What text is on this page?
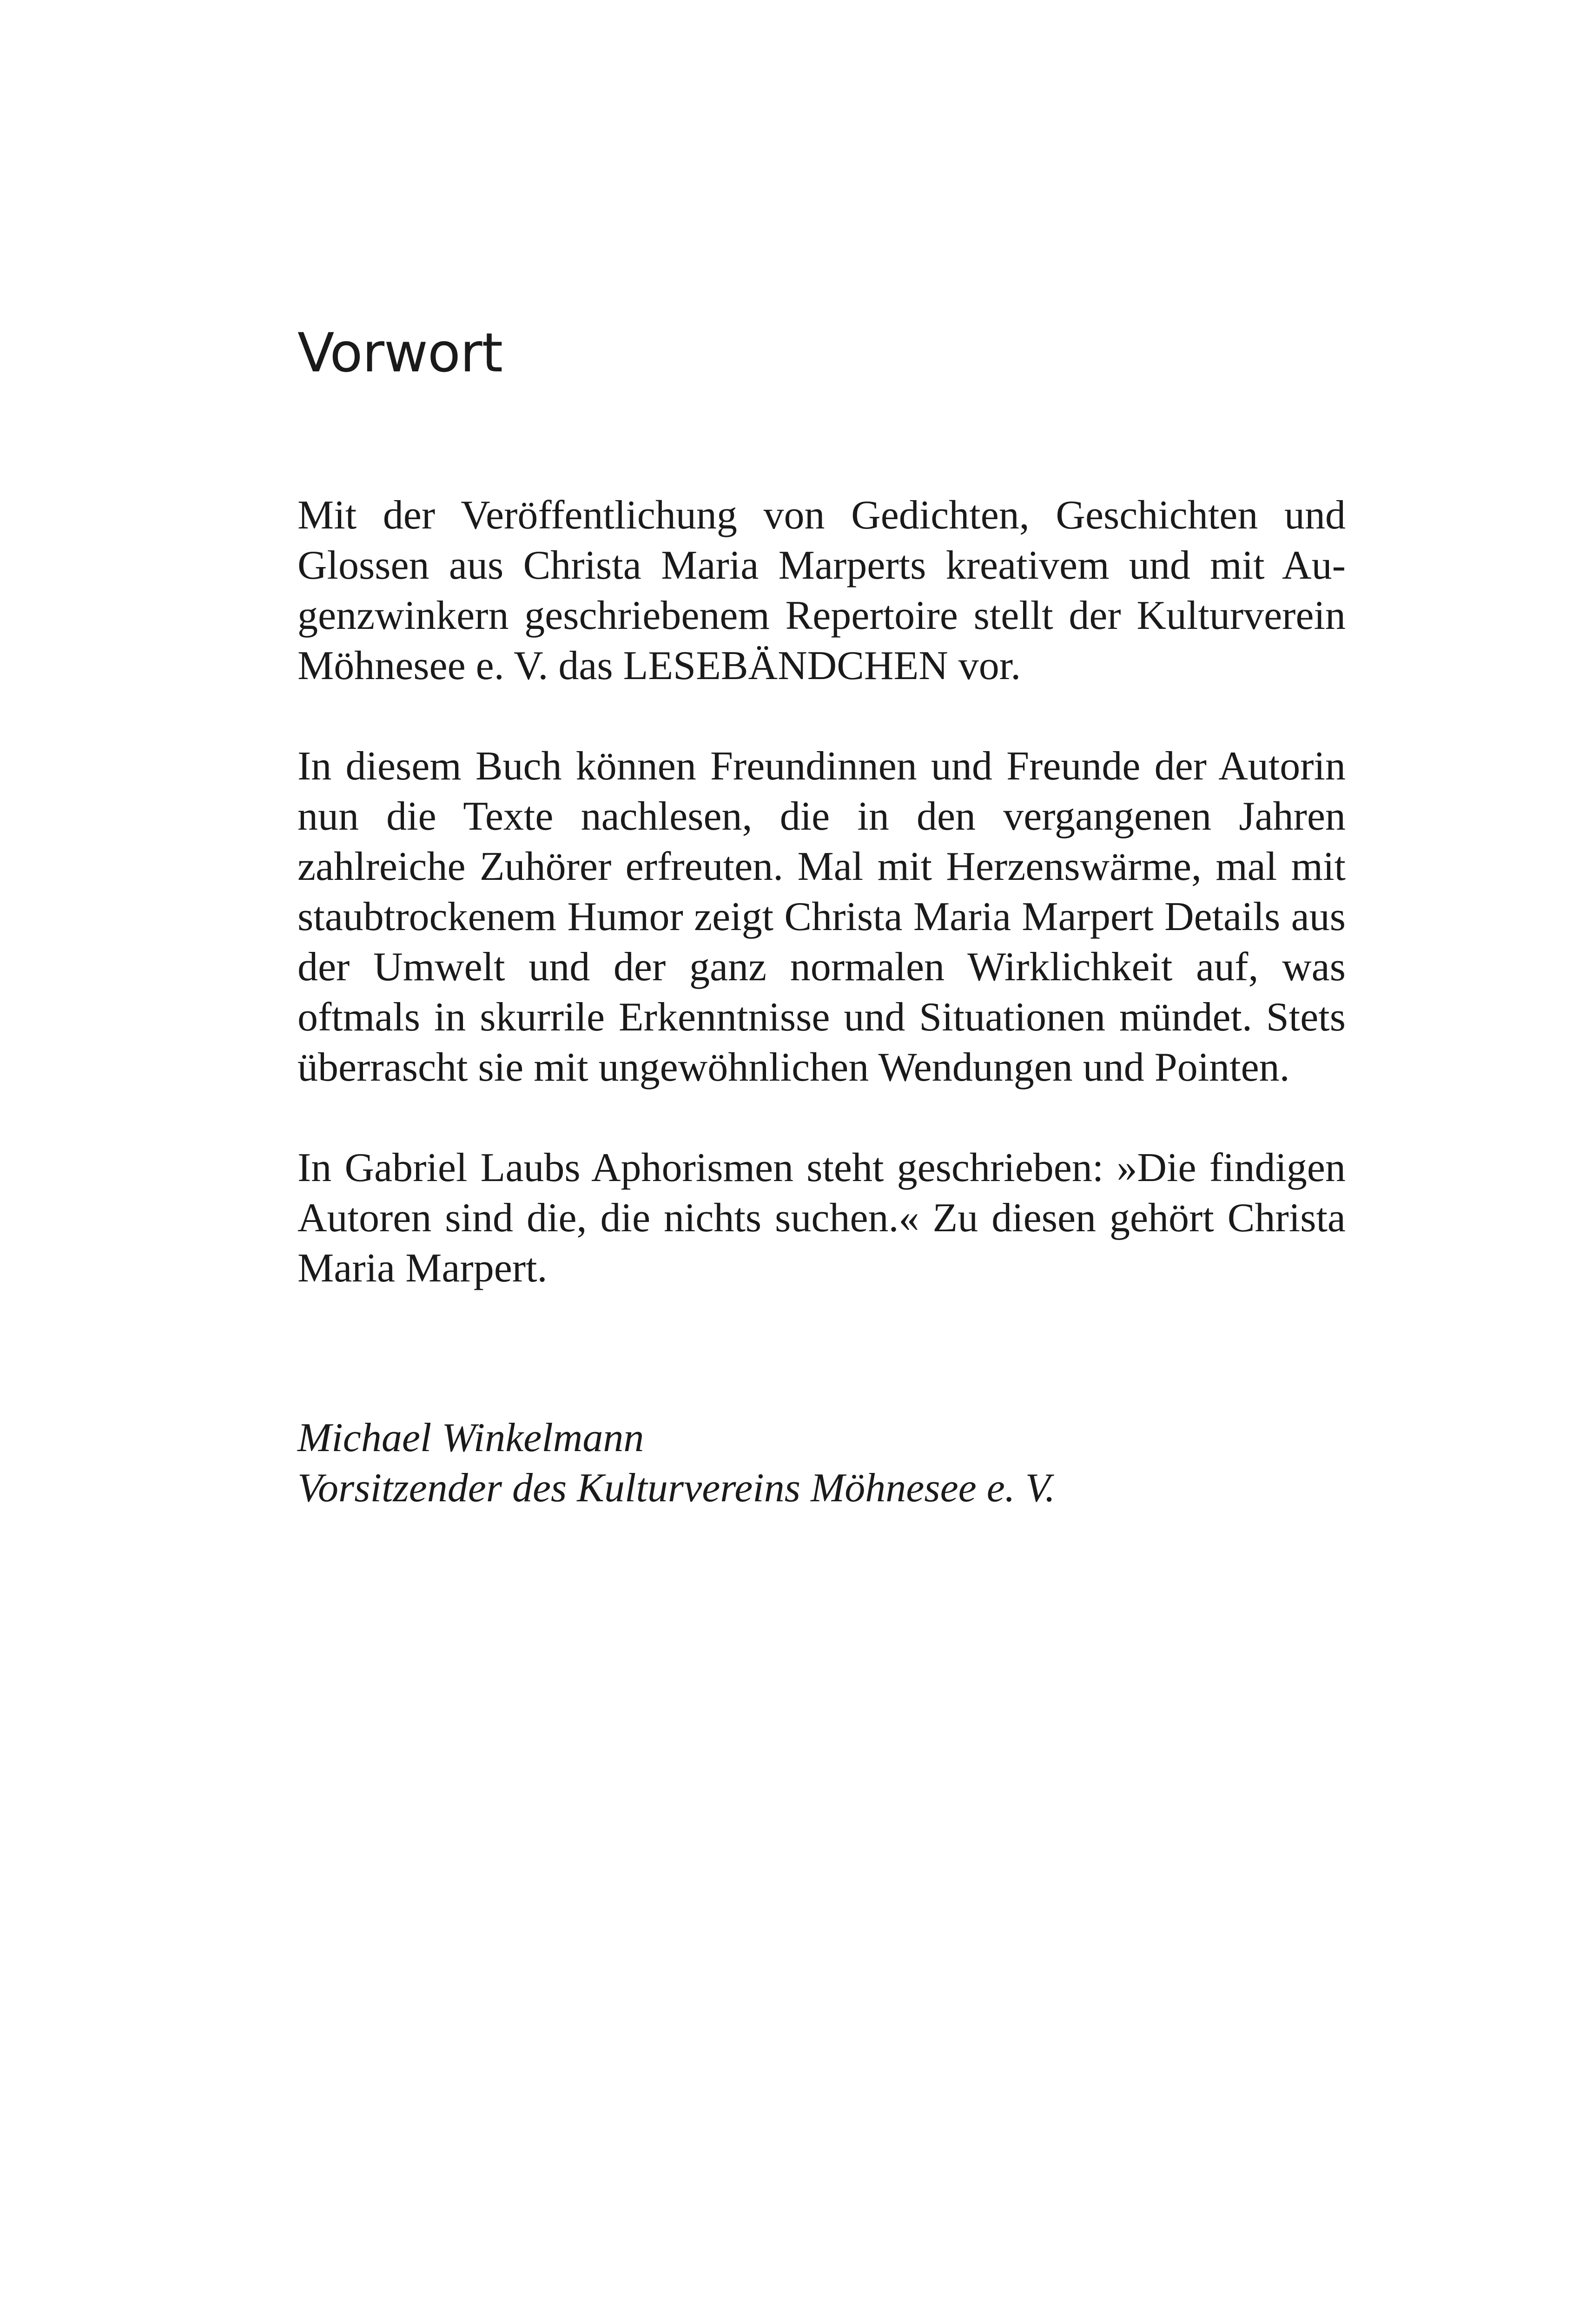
Vorwort

Mit der Veröffentlichung von Gedichten, Geschichten und Glossen aus Christa Maria Marperts kreativem und mit Augenzwinkern geschriebenem Repertoire stellt der Kulturverein Möhnesee e. V. das LESEBÄNDCHEN vor.

In diesem Buch können Freundinnen und Freunde der Autorin nun die Texte nachlesen, die in den vergangenen Jahren zahlreiche Zuhörer erfreuten. Mal mit Herzenswärme, mal mit staubtrockenem Humor zeigt Christa Maria Marpert Details aus der Umwelt und der ganz normalen Wirklichkeit auf, was oftmals in skurrile Erkenntnisse und Situationen mündet. Stets überrascht sie mit ungewöhnlichen Wendungen und Pointen.

In Gabriel Laubs Aphorismen steht geschrieben: »Die findigen Autoren sind die, die nichts suchen.« Zu diesen gehört Christa Maria Marpert.

Michael Winkelmann
Vorsitzender des Kulturvereins Möhnesee e. V.
